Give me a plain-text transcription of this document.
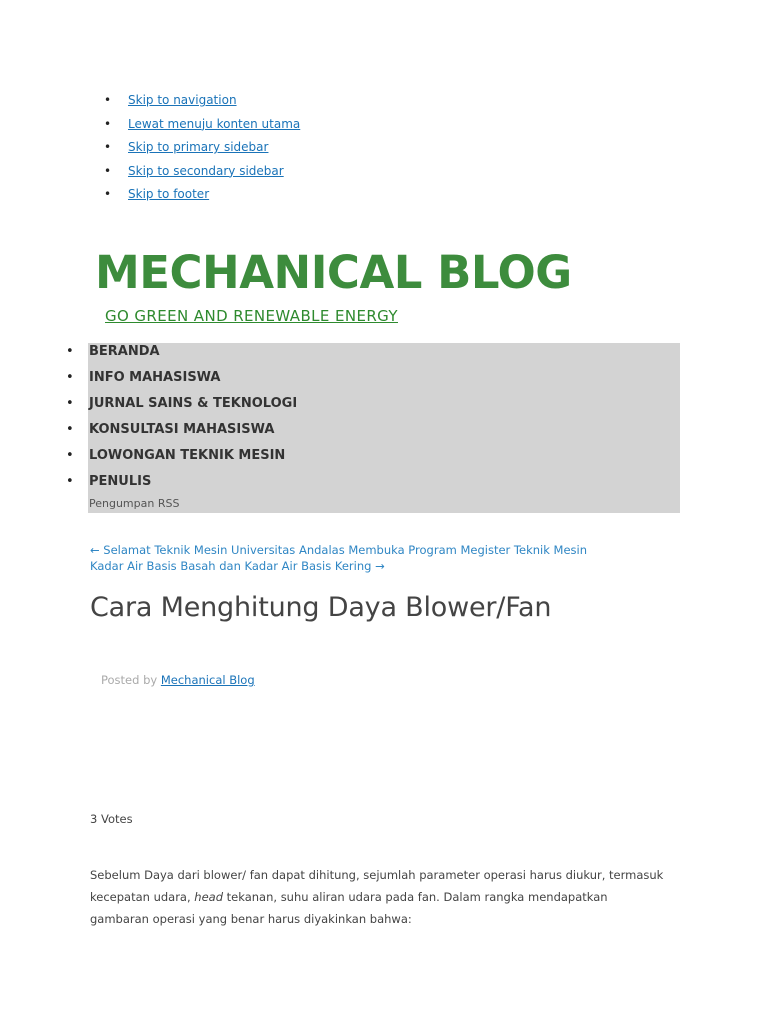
• Skip to navigation
• Lewat menuju konten utama
• Skip to primary sidebar
• Skip to secondary sidebar
• Skip to footer
MECHANICAL BLOG
GO GREEN AND RENEWABLE ENERGY
• BERANDA
• INFO MAHASISWA
• JURNAL SAINS & TEKNOLOGI
• KONSULTASI MAHASISWA
• LOWONGAN TEKNIK MESIN
• PENULIS
Pengumpan RSS
← Selamat Teknik Mesin Universitas Andalas Membuka Program Megister Teknik Mesin
Kadar Air Basis Basah dan Kadar Air Basis Kering →
Cara Menghitung Daya Blower/Fan
Posted by Mechanical Blog
3 Votes

Sebelum Daya dari blower/ fan dapat dihitung, sejumlah parameter operasi harus diukur, termasuk kecepatan udara, head tekanan, suhu aliran udara pada fan. Dalam rangka mendapatkan gambaran operasi yang benar harus diyakinkan bahwa:
